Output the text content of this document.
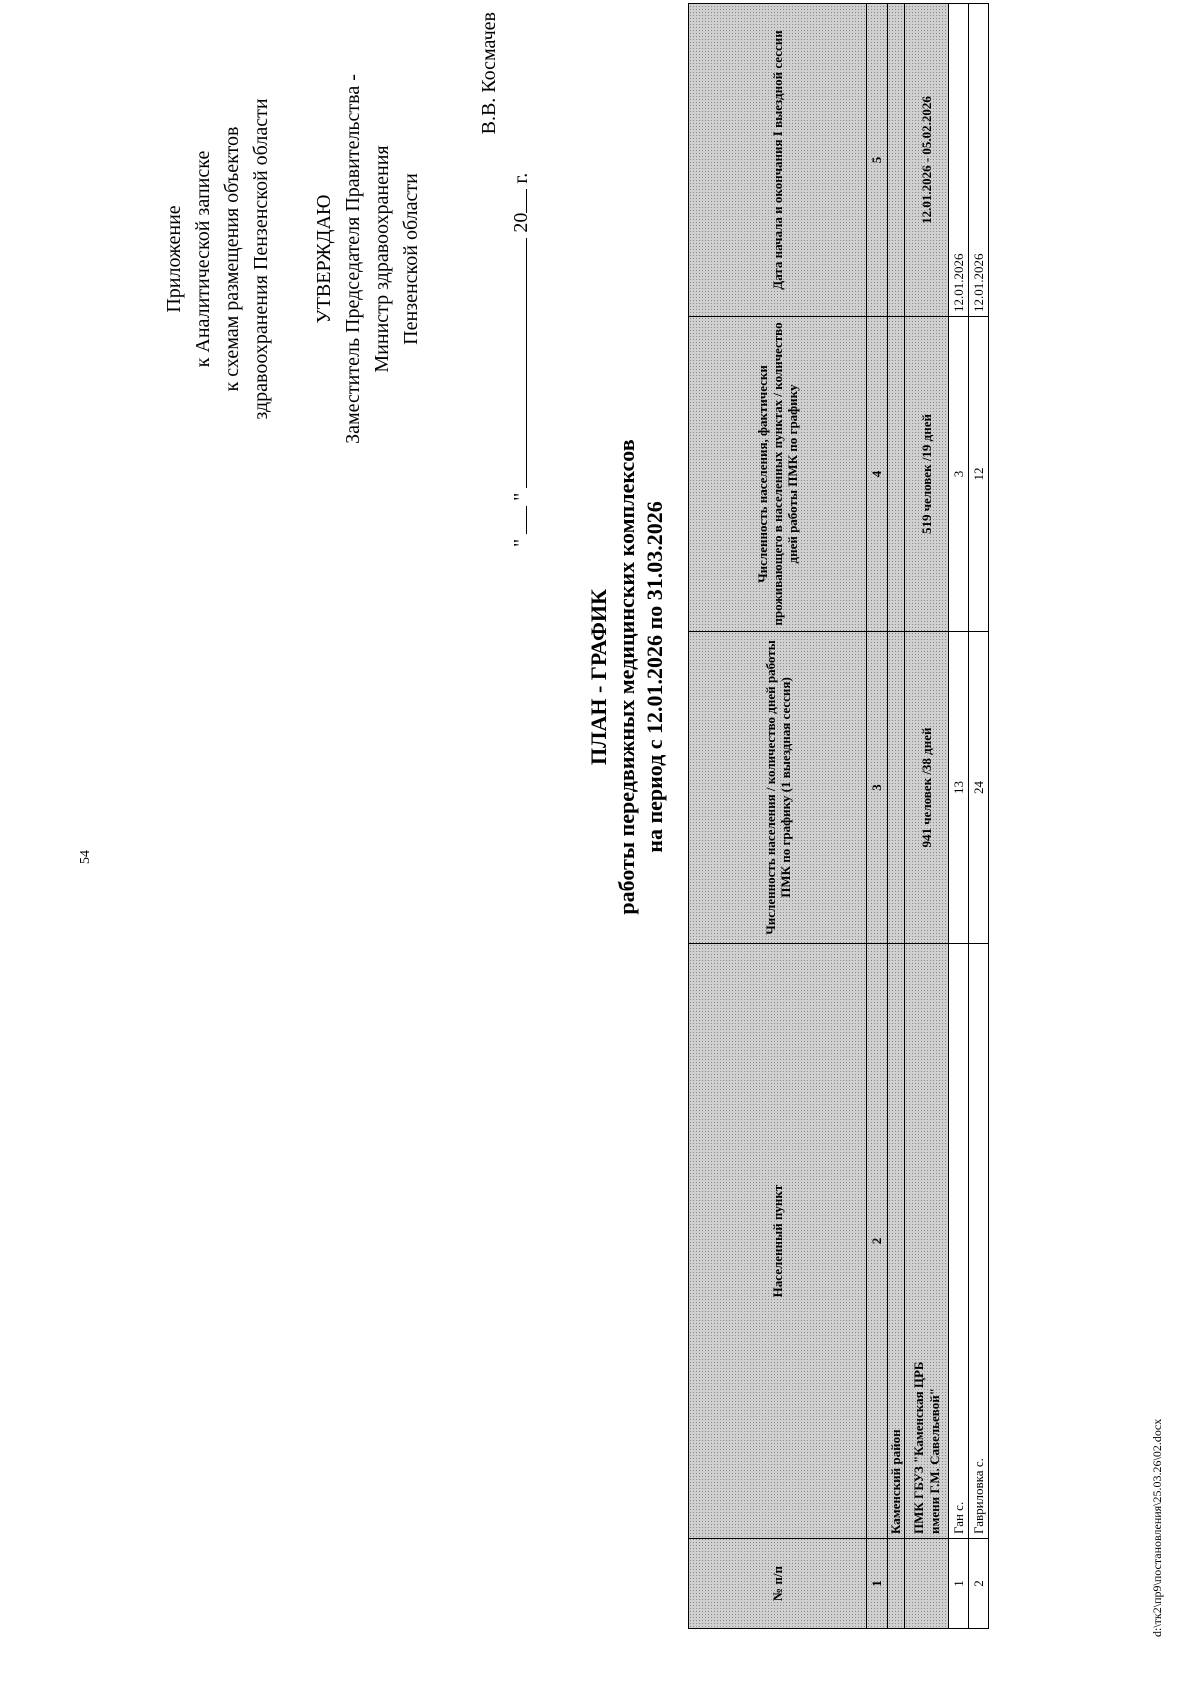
54
Приложение к Аналитической записке к схемам размещения объектов здравоохранения Пензенской области УТВЕРЖДАЮ Заместитель Председателя Правительства - Министр здравоохранения Пензенской области
В.В. Космачев
"  "  20 г.
ПЛАН - ГРАФИК работы передвижных медицинских комплексов на период с 12.01.2026 по 31.03.2026
№ п/п	Населенный пункт	Численность населения / количество дней работы ПМК по графику (1 выездная сессия)	Численность населения, фактически проживающего в населенных пунктах / количество дней работы ПМК по графику	Дата начала и окончания I выездной сессии
1	2	3	4	5
	Каменский район			

	ПМК ГБУЗ "Каменская ЦРБ имени Г.М. Савельевой"	941 человек /38 дней	519 человек /19 дней	12.01.2026 - 05.02.2026
1	Ган с.	13	3	12.01.2026
2	Гавриловка с.	24	12	12.01.2026
d:\тк2\пр9\постановления\25.03.26\02.docx
